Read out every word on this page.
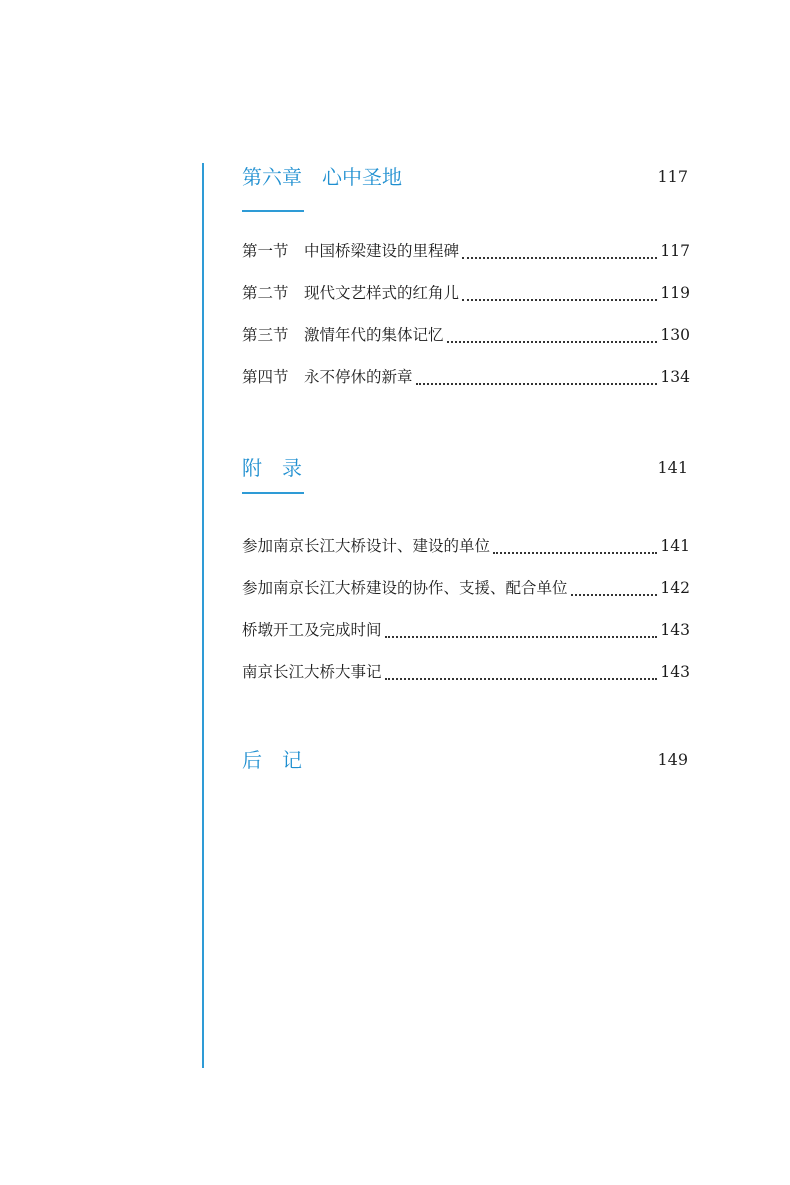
第六章　心中圣地	117
第一节　中国桥梁建设的里程碑	117
第二节　现代文艺样式的红角儿	119
第三节　激情年代的集体记忆	130
第四节　永不停休的新章	134
附　录	141
参加南京长江大桥设计、建设的单位	141
参加南京长江大桥建设的协作、支援、配合单位	142
桥墩开工及完成时间	143
南京长江大桥大事记	143
后　记	149
